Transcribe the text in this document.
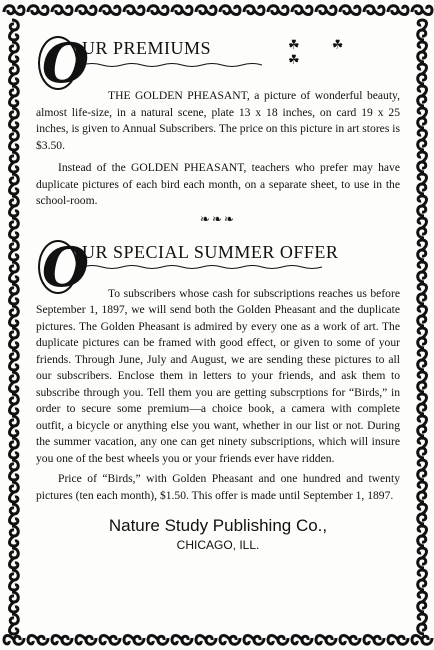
O
UR PREMIUMS	☘ ☘ ☘

THE GOLDEN PHEASANT, a picture of wonderful beauty, almost life-size, in a natural scene, plate 13 x 18 inches, on card 19 x 25 inches, is given to Annual Subscribers. The price on this picture in art stores is $3.50.

Instead of the GOLDEN PHEASANT, teachers who prefer may have duplicate pictures of each bird each month, on a separate sheet, to use in the school-room.

❧❧❧
O
UR SPECIAL SUMMER OFFER

To subscribers whose cash for subscriptions reaches us before September 1, 1897, we will send both the Golden Pheasant and the duplicate pictures. The Golden Pheasant is admired by every one as a work of art. The duplicate pictures can be framed with good effect, or given to some of your friends. Through June, July and August, we are sending these pictures to all our subscribers. Enclose them in letters to your friends, and ask them to subscribe through you. Tell them you are getting subscrptions for “Birds,” in order to secure some premium—a choice book, a camera with complete outfit, a bicycle or anything else you want, whether in our list or not. During the summer vacation, any one can get ninety subscriptions, which will insure you one of the best wheels you or your friends ever have ridden.

Price of “Birds,” with Golden Pheasant and one hundred and twenty pictures (ten each month), $1.50. This offer is made until September 1, 1897.

Nature Study Publishing Co.,
CHICAGO, ILL.
